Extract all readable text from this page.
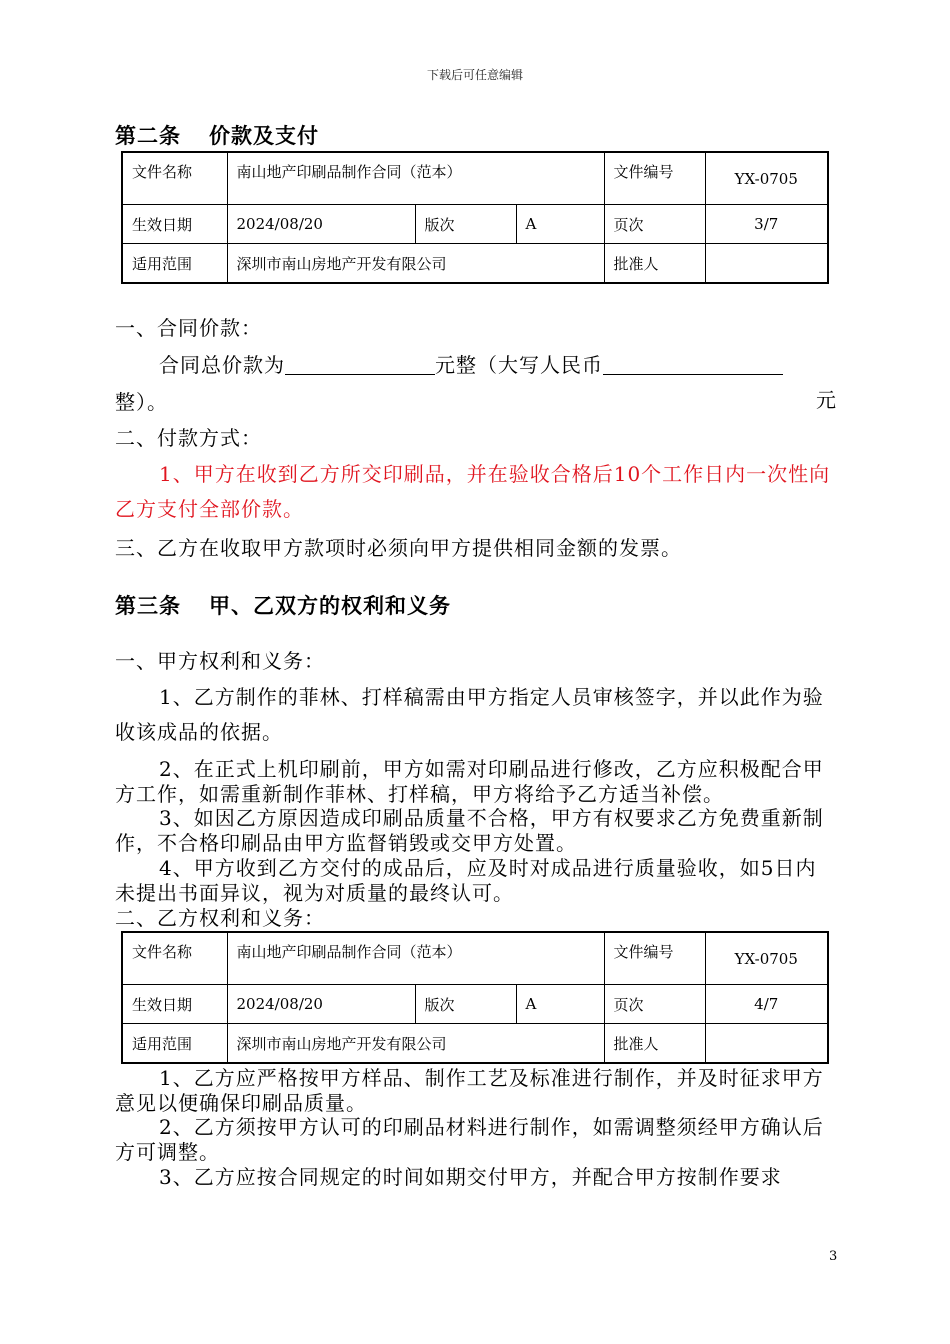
下载后可任意编辑
第二条 价款及支付
文件名称	南山地产印刷品制作合同（范本）			文件编号	YX-0705
生效日期	2024/08/20	版次	A	页次	3/7
适用范围	深圳市南山房地产开发有限公司			批准人	
一、合同价款：
合同总价款为	元整（大写人民币
元
整）。
二、付款方式：
1、甲方在收到乙方所交印刷品，并在验收合格后10个工作日内一次性向乙方支付全部价款。
三、乙方在收取甲方款项时必须向甲方提供相同金额的发票。
第三条 甲、乙双方的权利和义务
一、甲方权利和义务：
1、乙方制作的菲林、打样稿需由甲方指定人员审核签字，并以此作为验收该成品的依据。
2、在正式上机印刷前，甲方如需对印刷品进行修改，乙方应积极配合甲方工作，如需重新制作菲林、打样稿，甲方将给予乙方适当补偿。
3、如因乙方原因造成印刷品质量不合格，甲方有权要求乙方免费重新制作，不合格印刷品由甲方监督销毁或交甲方处置。
4、甲方收到乙方交付的成品后，应及时对成品进行质量验收，如5日内未提出书面异议，视为对质量的最终认可。
二、乙方权利和义务：
文件名称	南山地产印刷品制作合同（范本）			文件编号	YX-0705
生效日期	2024/08/20	版次	A	页次	4/7
适用范围	深圳市南山房地产开发有限公司			批准人	
1、乙方应严格按甲方样品、制作工艺及标准进行制作，并及时征求甲方意见以便确保印刷品质量。
2、乙方须按甲方认可的印刷品材料进行制作，如需调整须经甲方确认后方可调整。
3、乙方应按合同规定的时间如期交付甲方，并配合甲方按制作要求
3
